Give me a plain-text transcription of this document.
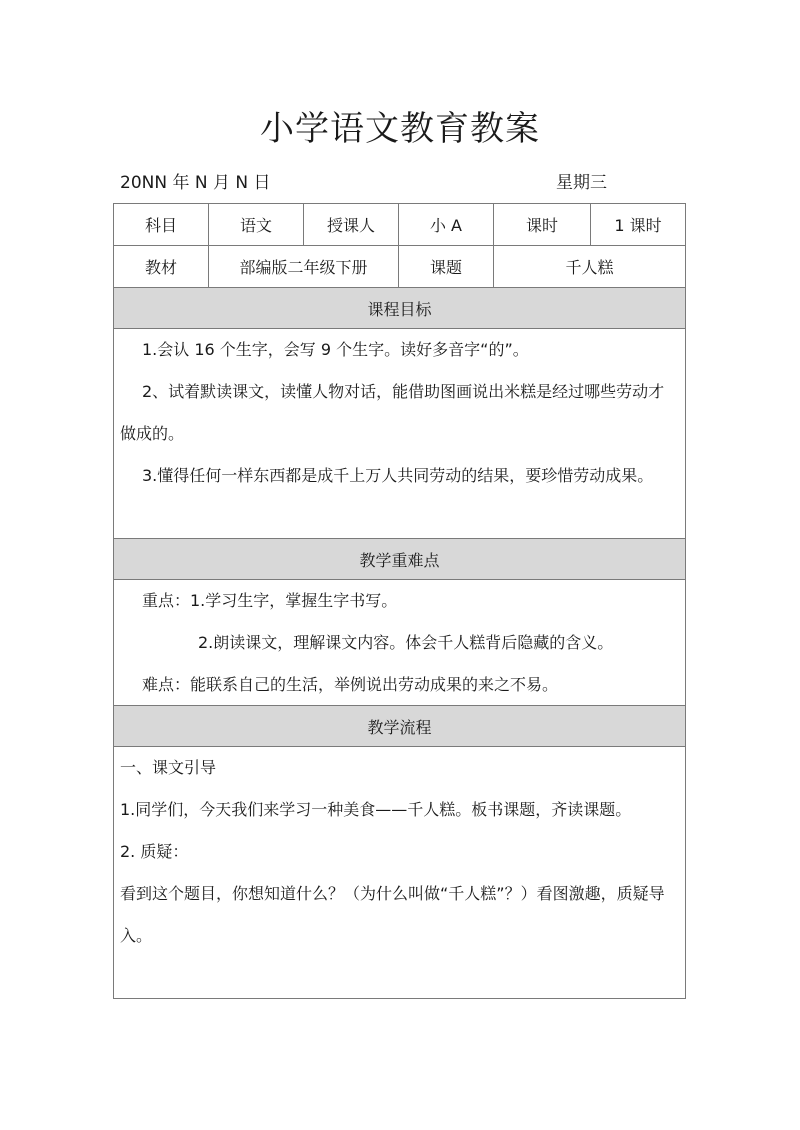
小学语文教育教案
20NN 年 N 月 N 日	星期三
科目	语文	授课人	小 A	课时	1 课时
教材	部编版二年级下册	课题	千人糕
课程目标

1.会认 16 个生字，会写 9 个生字。读好多音字“的”。

2、试着默读课文，读懂人物对话，能借助图画说出米糕是经过哪些劳动才做成的。

3.懂得任何一样东西都是成千上万人共同劳动的结果，要珍惜劳动成果。

教学重难点

重点：1.学习生字，掌握生字书写。

2.朗读课文，理解课文内容。体会千人糕背后隐藏的含义。

难点：能联系自己的生活，举例说出劳动成果的来之不易。

教学流程

一、课文引导

1.同学们，今天我们来学习一种美食——千人糕。板书课题，齐读课题。

2. 质疑：

看到这个题目，你想知道什么？（为什么叫做“千人糕”？）看图激趣，质疑导入。
